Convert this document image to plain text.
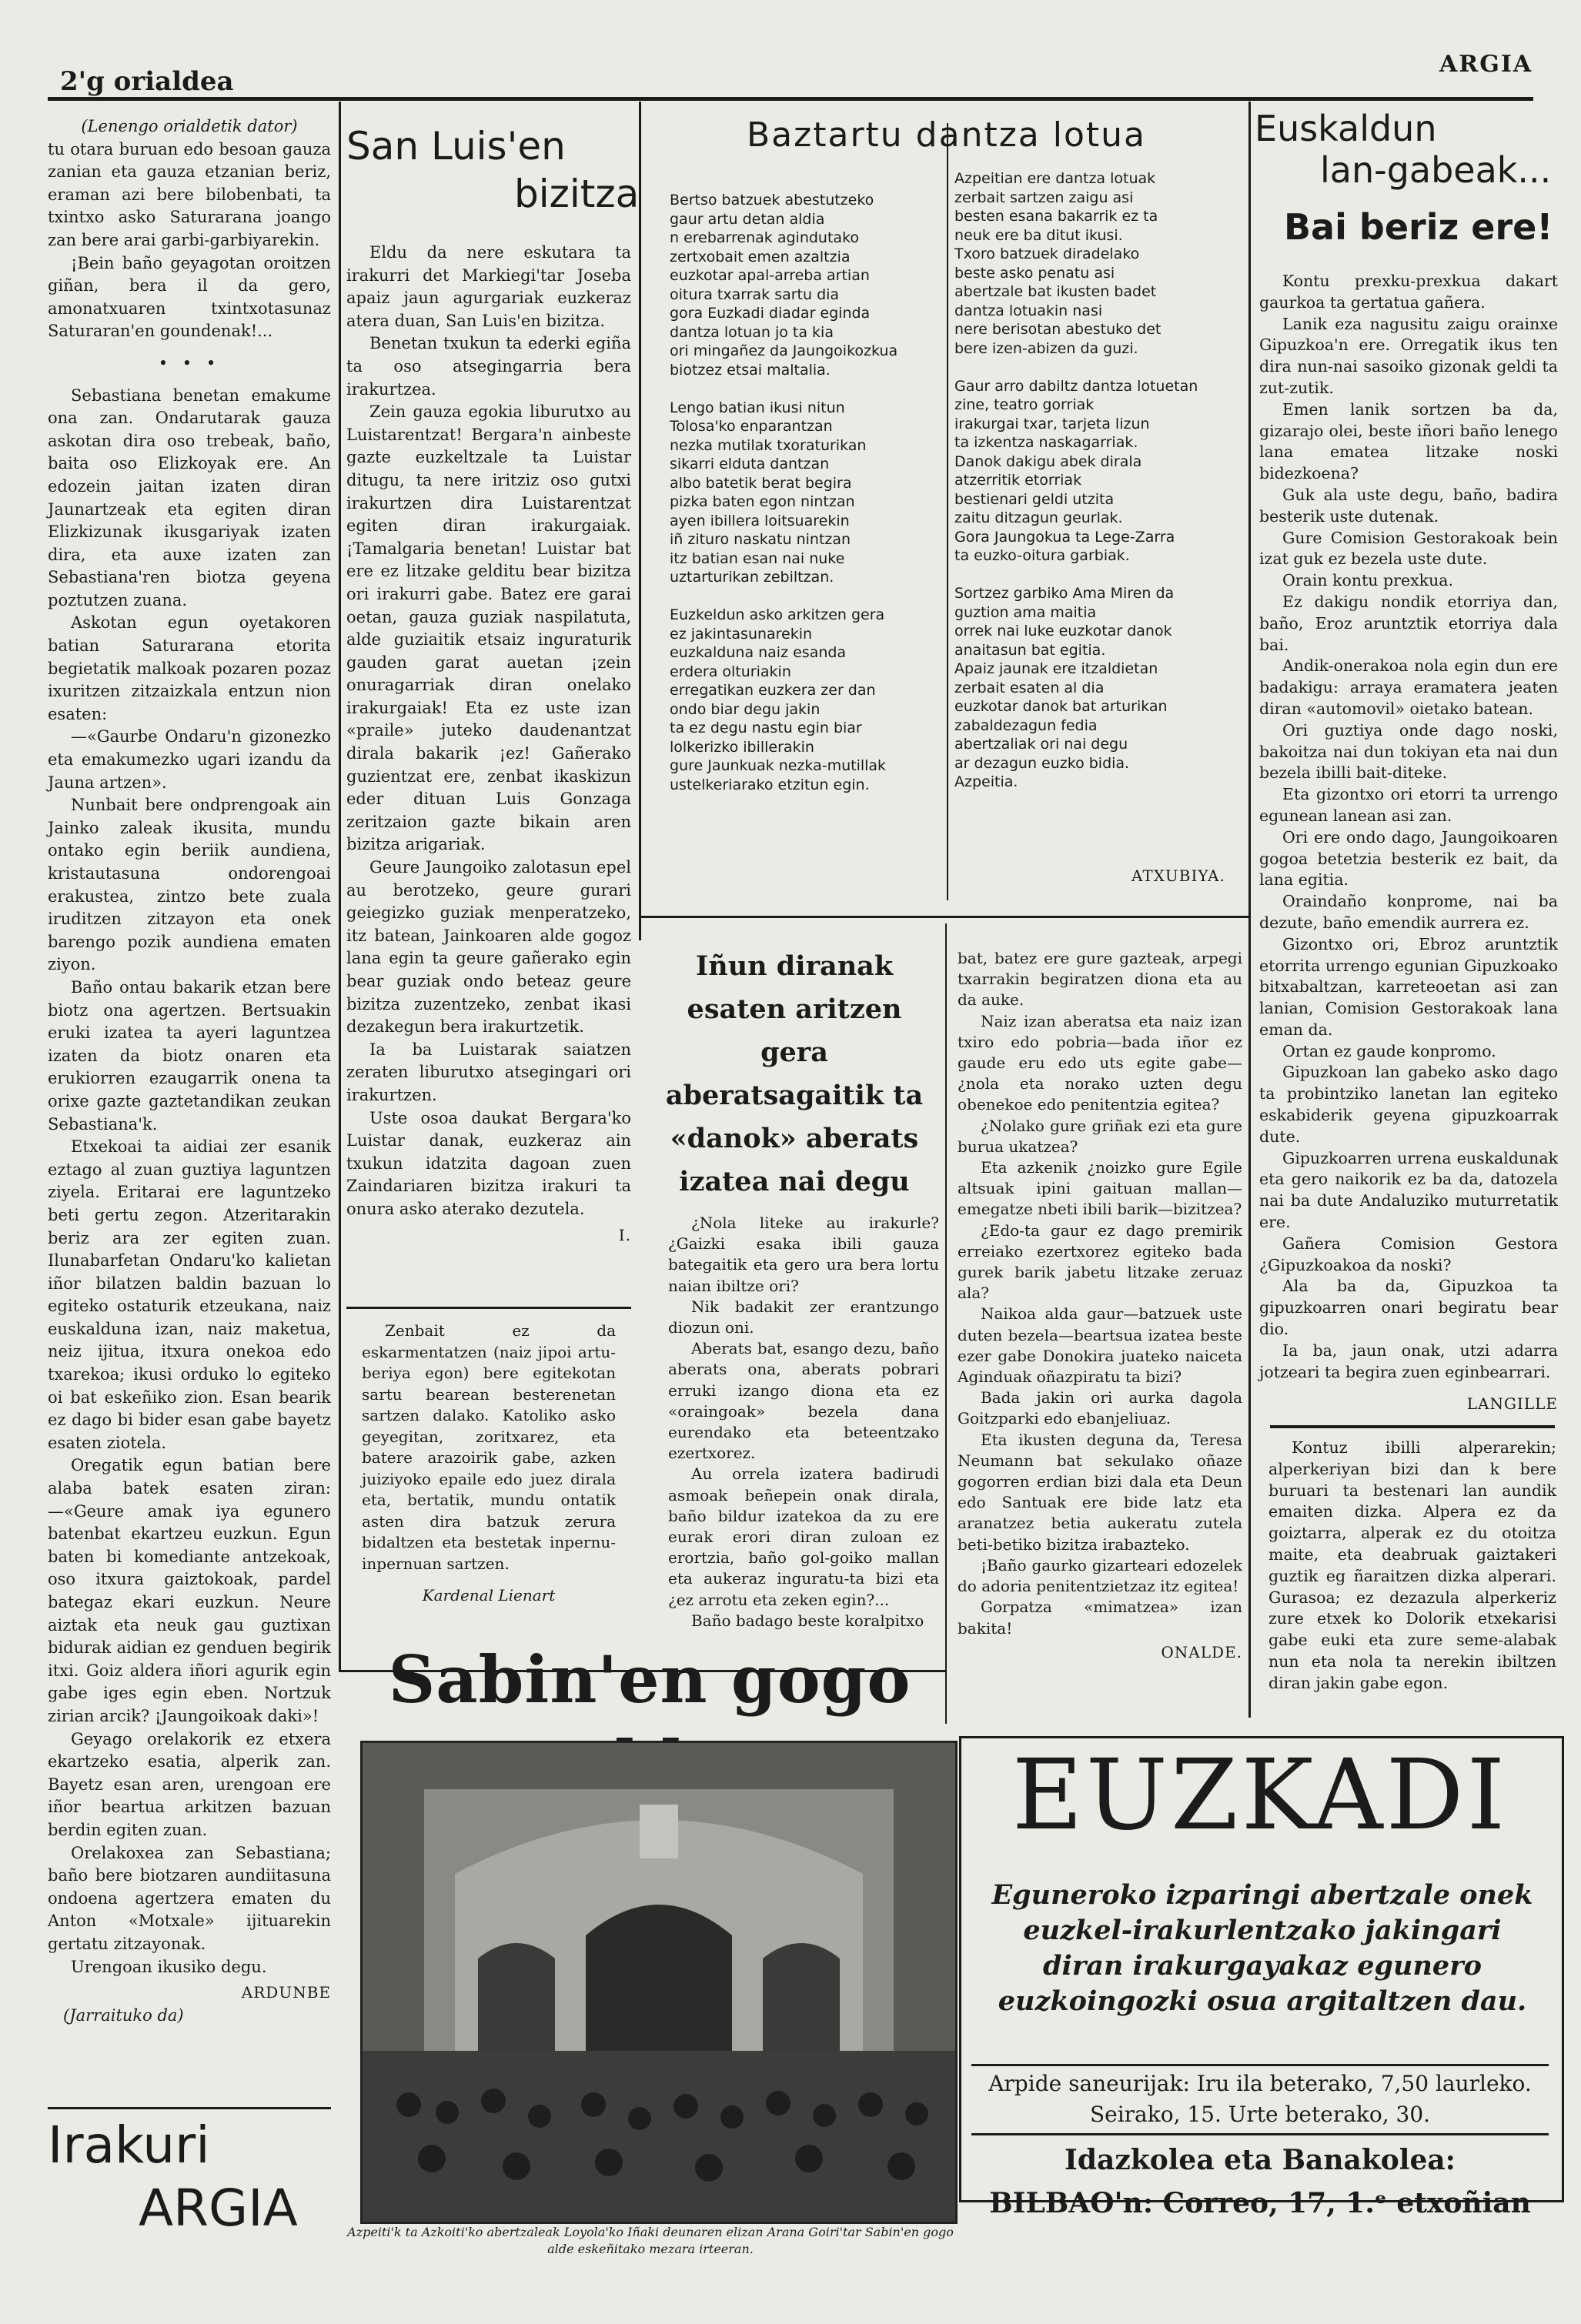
2'g orialdea
ARGIA
(Lenengo orialdetik dator)

tu otara buruan edo besoan gauza zanian eta gauza etzanian beriz, eraman azi bere bilobenbati, ta txintxo asko Saturarana joango zan bere arai garbi-garbiyarekin.

¡Bein baño geyagotan oroitzen giñan, bera il da gero, amonatxuaren txintxotasunaz Saturaran'en goundenak!...

• • •

Sebastiana benetan emakume ona zan. Ondarutarak gauza askotan dira oso trebeak, baño, baita oso Elizkoyak ere. An edozein jaitan izaten diran Jaunartzeak eta egiten diran Elizkizunak ikusgariyak izaten dira, eta auxe izaten zan Sebastiana'ren biotza geyena poztutzen zuana.

Askotan egun oyetakoren batian Saturarana etorita begietatik malkoak pozaren pozaz ixuritzen zitzaizkala entzun nion esaten:

—«Gaurbe Ondaru'n gizonezko eta emakumezko ugari izandu da Jauna artzen».

Nunbait bere ondprengoak ain Jainko zaleak ikusita, mundu ontako egin beriik aundiena, kristautasuna ondorengoai erakustea, zintzo bete zuala iruditzen zitzayon eta onek barengo pozik aundiena ematen ziyon.

Baño ontau bakarik etzan bere biotz ona agertzen. Bertsuakin eruki izatea ta ayeri laguntzea izaten da biotz onaren eta erukiorren ezaugarrik onena ta orixe gazte gaztetandikan zeukan Sebastiana'k.

Etxekoai ta aidiai zer esanik eztago al zuan guztiya laguntzen ziyela. Eritarai ere laguntzeko beti gertu zegon. Atzeritarakin beriz ara zer egiten zuan. Ilunabarfetan Ondaru'ko kalietan iñor bilatzen baldin bazuan lo egiteko ostaturik etzeukana, naiz euskalduna izan, naiz maketua, neiz ijitua, itxura onekoa edo txarekoa; ikusi orduko lo egiteko oi bat eskeñiko zion. Esan bearik ez dago bi bider esan gabe bayetz esaten ziotela.

Oregatik egun batian bere alaba batek esaten ziran: —«Geure amak iya egunero batenbat ekartzeu euzkun. Egun baten bi komediante antzekoak, oso itxura gaiztokoak, pardel bategaz ekari euzkun. Neure aiztak eta neuk gau guztixan bidurak aidian ez genduen begirik itxi. Goiz aldera iñori agurik egin gabe iges egin eben. Nortzuk zirian arcik? ¡Jaungoikoak daki»!

Geyago orelakorik ez etxera ekartzeko esatia, alperik zan. Bayetz esan aren, urengoan ere iñor beartua arkitzen bazuan berdin egiten zuan.

Orelakoxea zan Sebastiana; baño bere biotzaren aundiitasuna ondoena agertzera ematen du Anton «Motxale» ijituarekin gertatu zitzayonak.

Urengoan ikusiko degu.

ARDUNBE
(Jarraituko da)
Irakuri
ARGIA
San Luis'en
bizitza

Eldu da nere eskutara ta irakurri det Markiegi'tar Joseba apaiz jaun agurgariak euzkeraz atera duan, San Luis'en bizitza.

Benetan txukun ta ederki egiña ta oso atsegingarria bera irakurtzea.

Zein gauza egokia liburutxo au Luistarentzat! Bergara'n ainbeste gazte euzkeltzale ta Luistar ditugu, ta nere iritziz oso gutxi irakurtzen dira Luistarentzat egiten diran irakurgaiak. ¡Tamalgaria benetan! Luistar bat ere ez litzake gelditu bear bizitza ori irakurri gabe. Batez ere garai oetan, gauza guziak naspilatuta, alde guziaitik etsaiz inguraturik gauden garat auetan ¡zein onuragarriak diran onelako irakurgaiak! Eta ez uste izan «praile» juteko daudenantzat dirala bakarik ¡ez! Gañerako guzientzat ere, zenbat ikaskizun eder dituan Luis Gonzaga zeritzaion gazte bikain aren bizitza arigariak.

Geure Jaungoiko zalotasun epel au berotzeko, geure gurari geiegizko guziak menperatzeko, itz batean, Jainkoaren alde gogoz lana egin ta geure gañerako egin bear guziak ondo beteaz geure bizitza zuzentzeko, zenbat ikasi dezakegun bera irakurtzetik.

Ia ba Luistarak saiatzen zeraten liburutxo atsegingari ori irakurtzen.

Uste osoa daukat Bergara'ko Luistar danak, euzkeraz ain txukun idatzita dagoan zuen Zaindariaren bizitza irakuri ta onura asko aterako dezutela.

I.

Zenbait ez da eskarmentatzen (naiz jipoi artu-beriya egon) bere egitekotan sartu bearean besterenetan sartzen dalako. Katoliko asko geyegitan, zoritxarez, eta batere arazoirik gabe, azken juiziyoko epaile edo juez dirala eta, bertatik, mundu ontatik asten dira batzuk zerura bidaltzen eta bestetak inpernu-inpernuan sartzen.

Kardenal Lienart
Baztartu dantza lotua
Bertso batzuek abestutzeko
gaur artu detan aldia
n erebarrenak agindutako
zertxobait emen azaltzia
euzkotar apal-arreba artian
oitura txarrak sartu dia
gora Euzkadi diadar eginda
dantza lotuan jo ta kia
ori mingañez da Jaungoikozkua
biotzez etsai maltalia.
Lengo batian ikusi nitun
Tolosa'ko enparantzan
nezka mutilak txoraturikan
sikarri elduta dantzan
albo batetik berat begira
pizka baten egon nintzan
ayen ibillera loitsuarekin
iñ zituro naskatu nintzan
itz batian esan nai nuke
uztarturikan zebiltzan.
Euzkeldun asko arkitzen gera
ez jakintasunarekin
euzkaldunа naiz esanda
erdera olturiakin
erregatikan euzkera zer dan
ondo biar degu jakin
ta ez degu nastu egin biar
lolkerizko ibillerakin
gure Jaunkuak nezka-mutillak
ustelkeriarako etzitun egin.
Azpeitian ere dantza lotuak
zerbait sartzen zaigu asi
besten esana bakarrik ez ta
neuk ere ba ditut ikusi.
Txoro batzuek diradelako
beste asko penatu asi
abertzale bat ikusten badet
dantza lotuakin nasi
nere berisotan abestuko det
bere izen-abizen da guzi.
Gaur arro dabiltz dantza lotuetan
zine, teatro gorriak
irakurgai txar, tarjeta lizun
ta izkentza naskagarriak.
Danok dakigu abek dirala
atzerritik etorriak
bestienari geldi utzita
zaitu ditzagun geurlak.
Gora Jaungokua ta Lege-Zarra
ta euzko-oitura garbiak.
Sortzez garbiko Ama Miren da
guztion ama maitia
orrek nai luke euzkotar danok
anaitasun bat egitia.
Apaiz jaunak ere itzaldietan
zerbait esaten al dia
euzkotar danok bat arturikan
zabaldezagun fedia
abertzaliak ori nai degu
ar dezagun euzko bidia.
Azpeitia.
ATXUBIYA.
Euskaldun
lan-gabeak...
Bai beriz ere!

Kontu prexku-prexkua dakart gaurkoa ta gertatua gañera.

Lanik eza nagusitu zaigu orainxe Gipuzkoa'n ere. Orregatik ikus ten dira nun-nai sasoiko gizonak geldi ta zut-zutik.

Emen lanik sortzen ba da, gizarajo olei, beste iñori baño lenego lana ematea litzake noski bidezkoena?

Guk ala uste degu, baño, badira besterik uste dutenak.

Gure Comision Gestorakoak bein izat guk ez bezela uste dute.

Orain kontu prexkua.

Ez dakigu nondik etorriya dan, baño, Eroz aruntztik etorriya dala bai.

Andik-onerakoa nola egin dun ere badakigu: arraya eramatera jeaten diran «automovil» oietako batean.

Ori guztiya onde dago noski, bakoitza nai dun tokiyan eta nai dun bezela ibilli bait-diteke.

Eta gizontxo ori etorri ta urrengo egunean lanean asi zan.

Ori ere ondo dago, Jaungoikoaren gogoa betetzia besterik ez bait, da lana egitia.

Oraindaño konprome, nai ba dezute, baño emendik aurrera ez.

Gizontxo ori, Ebroz aruntztik etorrita urrengo egunian Gipuzkoako bitxabaltzan, karreteoetan asi zan lanian, Comision Gestorakoak lana eman da.

Ortan ez gaude konpromo.

Gipuzkoan lan gabeko asko dago ta probintziko lanetan lan egiteko eskabiderik geyena gipuzkoarrak dute.

Gipuzkoarren urrena euskaldunak eta gero naikorik ez ba da, datozela nai ba dute Andaluziko muturretatik ere.

Gañera Comision Gestora ¿Gipuzkoakoa da noski?

Ala ba da, Gipuzkoa ta gipuzkoarren onari begiratu bear dio.

Ia ba, jaun onak, utzi adarra jotzeari ta begira zuen eginbearrari.

LANGILLE

Kontuz ibilli alperarekin; alperkeriyan bizi dan k bere buruari ta bestenari lan aundik emaiten dizka. Alpera ez da goiztarra, alperak ez du otoitza maite, eta deabruak gaiztakeri guztik eg ñaraitzen dizka alperari. Gurasoa; ez dezazula alperkeriz zure etxek ko Dolorik etxekarisi gabe euki eta zure seme-alabak nun eta nola ta nerekin ibiltzen diran jakin gabe egon.

Iñun diranak esaten aritzen gera aberatsagaitik ta «danok» aberats izatea nai degu

¿Nola liteke au irakurle? ¿Gaizki esaka ibili gauza bategaitik eta gero ura bera lortu naian ibiltze ori?

Nik badakit zer erantzungo diozun oni.

Aberats bat, esango dezu, baño aberats ona, aberats pobrari erruki izango diona eta ez «oraingoak» bezela dana eurendako eta beteentzako ezertxorez.

Au orrela izatera badirudi asmoak beñepein onak dirala, baño bildur izatekoa da zu ere eurak erori diran zuloan ez erortzia, baño gol-goiko mallan eta aukeraz inguratu-ta bizi eta ¿ez arrotu eta zeken egin?...

Baño badago beste koralpitxo

bat, batez ere gure gazteak, arpegi txarrakin begiratzen diona eta au da auke.

Naiz izan aberatsa eta naiz izan txiro edo pobria—bada iñor ez gaude eru edo uts egite gabe—¿nola eta norako uzten degu obenekoe edo penitentzia egitea?

¿Nolako gure griñak ezi eta gure burua ukatzea?

Eta azkenik ¿noizko gure Egile altsuak ipini gaituan mallan—emegatze nbeti ibili barik—bizitzea?

¿Edo-ta gaur ez dago premirik erreiako ezertxorez egiteko bada gurek barik jabetu litzake zeruaz ala?

Naikoa alda gaur—batzuek uste duten bezela—beartsua izatea beste ezer gabe Donokira juateko naiceta Aginduak oñazpiratu ta bizi?

Bada jakin ori aurka dagola Goitzparki edo ebanjeliuaz.

Eta ikusten deguna da, Teresa Neumann bat sekulako oñaze gogorren erdian bizi dala eta Deun edo Santuak ere bide latz eta aranatzez betia aukeratu zutela beti-betiko bizitza irabazteko.

¡Baño gaurko gizarteari edozelek do adoria penitentzietzaz itz egitea!

Gorpatza «mimatzea» izan bakita!

ONALDE.
Sabin'en gogo
Azpeiti'k ta Azkoiti'ko abertzaleak Loyola'ko Iñaki deunaren elizan Arana Goiri'tar Sabin'en gogo alde eskeñitako mezara irteeran.
EUZKADI
Eguneroko izparingi abertzale onek euzkel-irakurlentzako jakingari diran irakurgayakaz egunero euzkoingozki osua argitaltzen dau.
Arpide saneurijak: Iru ila beterako, 7,50 laurleko.
Seirako, 15. Urte beterako, 30.
Idazkolea eta Banakolea:
BILBAO'n: Correo, 17, 1.ᵉ etxoñian
